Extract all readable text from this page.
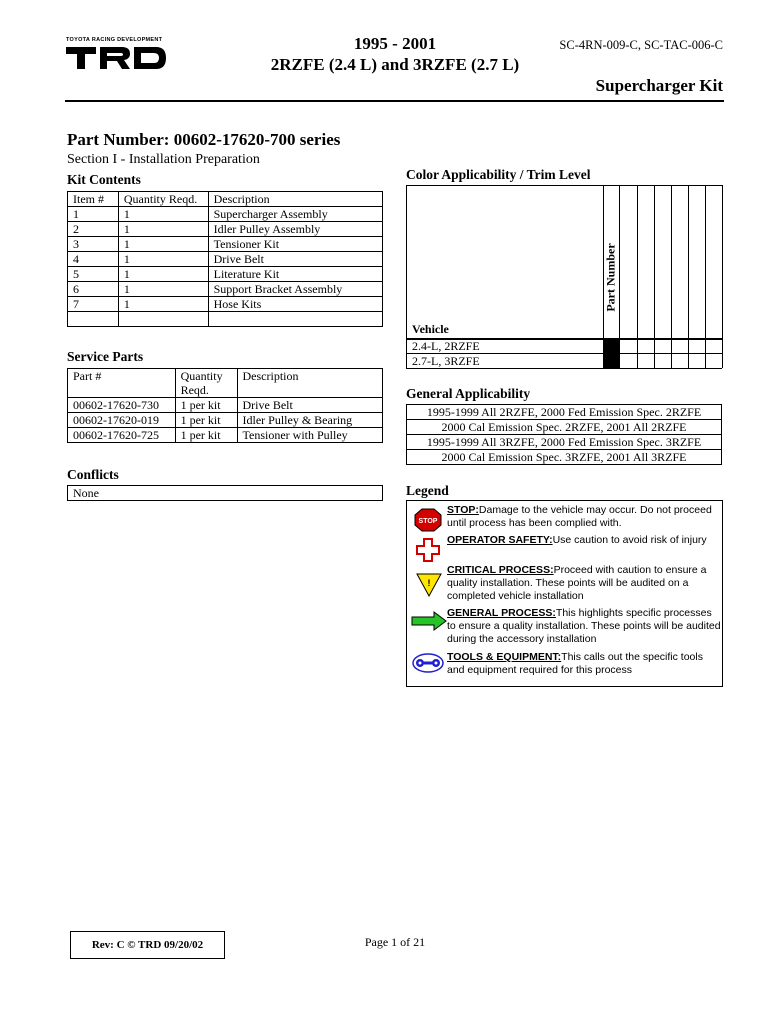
TOYOTA RACING DEVELOPMENT	1995 - 2001
2RZFE (2.4 L) and 3RZFE (2.7 L)
SC-4RN-009-C, SC-TAC-006-C
Supercharger Kit
Part Number: 00602-17620-700 series
Section I - Installation Preparation
Kit Contents
Item #	Quantity Reqd.	Description
1	1	Supercharger Assembly
2	1	Idler Pulley Assembly
3	1	Tensioner Kit
4	1	Drive Belt
5	1	Literature Kit
6	1	Support Bracket Assembly
7	1	Hose Kits

Service Parts
Part #	Quantity Reqd.	Description
00602-17620-730	1 per kit	Drive Belt
00602-17620-019	1 per kit	Idler Pulley & Bearing
00602-17620-725	1 per kit	Tensioner with Pulley
Conflicts
None
Color Applicability / Trim Level
Part Number
Vehicle
2.4-L, 2RZFE
2.7-L, 3RZFE
General Applicability
1995-1999 All 2RZFE, 2000 Fed Emission Spec. 2RZFE
2000 Cal Emission Spec. 2RZFE, 2001 All 2RZFE
1995-1999 All 3RZFE, 2000 Fed Emission Spec. 3RZFE
2000 Cal Emission Spec. 3RZFE, 2001 All 3RZFE
Legend
STOP
STOP:Damage to the vehicle may occur. Do not proceed until process has been complied with.
OPERATOR SAFETY:Use caution to avoid risk of injury
!
CRITICAL PROCESS:Proceed with caution to ensure a quality installation. These points will be audited on a completed vehicle installation
GENERAL PROCESS:This highlights specific processes to ensure a quality installation. These points will be audited during the accessory installation
TOOLS & EQUIPMENT:This calls out the specific tools and equipment required for this process
Rev: C © TRD 09/20/02	Page 1 of 21
